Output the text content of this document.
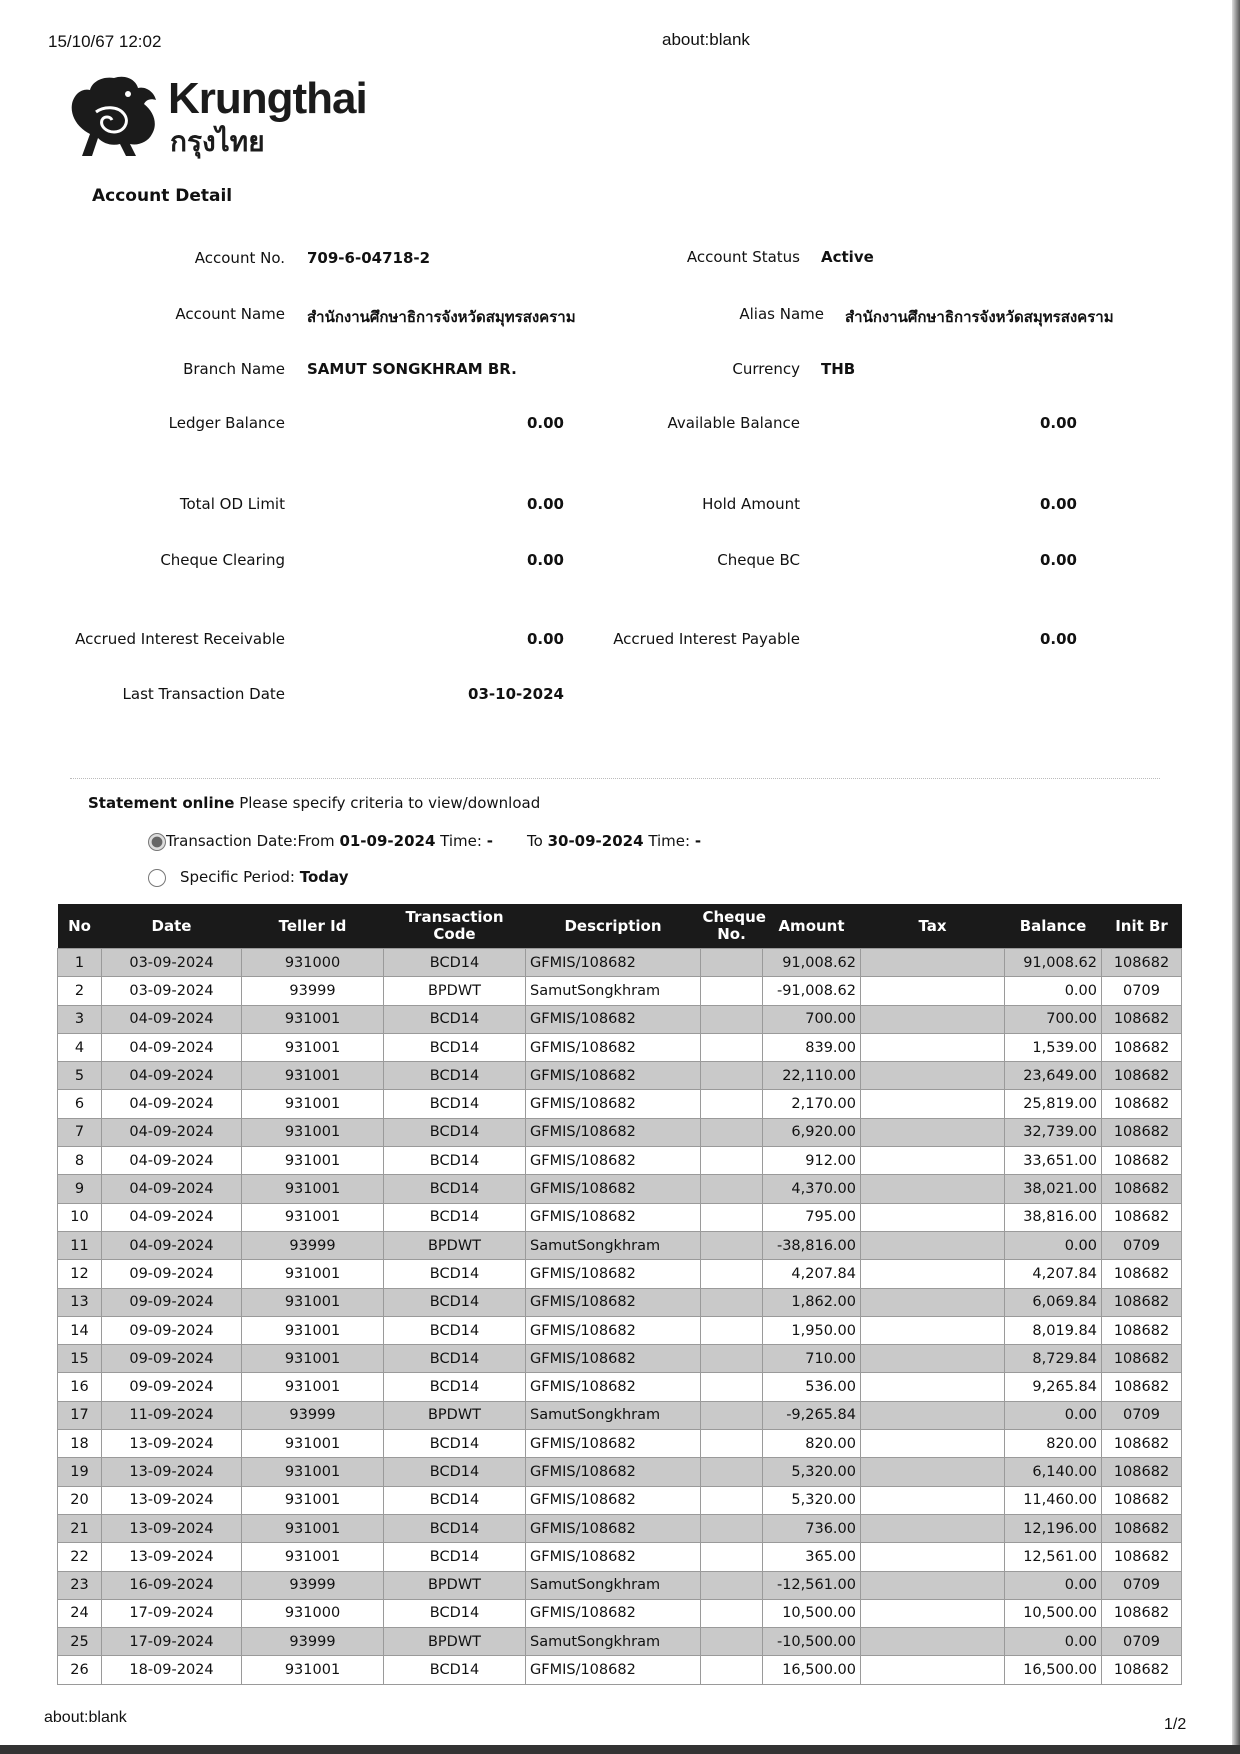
15/10/67 12:02	about:blank
Krungthai
กรุงไทย
Account Detail
Account No. 709-6-04718-2	Account Status Active
Account Name สำนักงานศึกษาธิการจังหวัดสมุทรสงคราม	Alias Name สำนักงานศึกษาธิการจังหวัดสมุทรสงคราม
Branch Name SAMUT SONGKHRAM BR.	Currency THB
Ledger Balance	0.00	Available Balance	0.00
Total OD Limit	0.00	Hold Amount	0.00
Cheque Clearing	0.00	Cheque BC	0.00
Accrued Interest Receivable	0.00	Accrued Interest Payable	0.00
Last Transaction Date	03-10-2024
Statement online Please specify criteria to view/download
Transaction Date:From 01-09-2024 Time: - To 30-09-2024 Time: -
Specific Period: Today
No	Date	Teller Id	Transaction Code	Description	Cheque No.	Amount	Tax	Balance	Init Br
1	03-09-2024	931000	BCD14	GFMIS/108682		91,008.62		91,008.62	108682
2	03-09-2024	93999	BPDWT	SamutSongkhram		-91,008.62		0.00	0709
3	04-09-2024	931001	BCD14	GFMIS/108682		700.00		700.00	108682
4	04-09-2024	931001	BCD14	GFMIS/108682		839.00		1,539.00	108682
5	04-09-2024	931001	BCD14	GFMIS/108682		22,110.00		23,649.00	108682
6	04-09-2024	931001	BCD14	GFMIS/108682		2,170.00		25,819.00	108682
7	04-09-2024	931001	BCD14	GFMIS/108682		6,920.00		32,739.00	108682
8	04-09-2024	931001	BCD14	GFMIS/108682		912.00		33,651.00	108682
9	04-09-2024	931001	BCD14	GFMIS/108682		4,370.00		38,021.00	108682
10	04-09-2024	931001	BCD14	GFMIS/108682		795.00		38,816.00	108682
11	04-09-2024	93999	BPDWT	SamutSongkhram		-38,816.00		0.00	0709
12	09-09-2024	931001	BCD14	GFMIS/108682		4,207.84		4,207.84	108682
13	09-09-2024	931001	BCD14	GFMIS/108682		1,862.00		6,069.84	108682
14	09-09-2024	931001	BCD14	GFMIS/108682		1,950.00		8,019.84	108682
15	09-09-2024	931001	BCD14	GFMIS/108682		710.00		8,729.84	108682
16	09-09-2024	931001	BCD14	GFMIS/108682		536.00		9,265.84	108682
17	11-09-2024	93999	BPDWT	SamutSongkhram		-9,265.84		0.00	0709
18	13-09-2024	931001	BCD14	GFMIS/108682		820.00		820.00	108682
19	13-09-2024	931001	BCD14	GFMIS/108682		5,320.00		6,140.00	108682
20	13-09-2024	931001	BCD14	GFMIS/108682		5,320.00		11,460.00	108682
21	13-09-2024	931001	BCD14	GFMIS/108682		736.00		12,196.00	108682
22	13-09-2024	931001	BCD14	GFMIS/108682		365.00		12,561.00	108682
23	16-09-2024	93999	BPDWT	SamutSongkhram		-12,561.00		0.00	0709
24	17-09-2024	931000	BCD14	GFMIS/108682		10,500.00		10,500.00	108682
25	17-09-2024	93999	BPDWT	SamutSongkhram		-10,500.00		0.00	0709
26	18-09-2024	931001	BCD14	GFMIS/108682		16,500.00		16,500.00	108682
about:blank	1/2
